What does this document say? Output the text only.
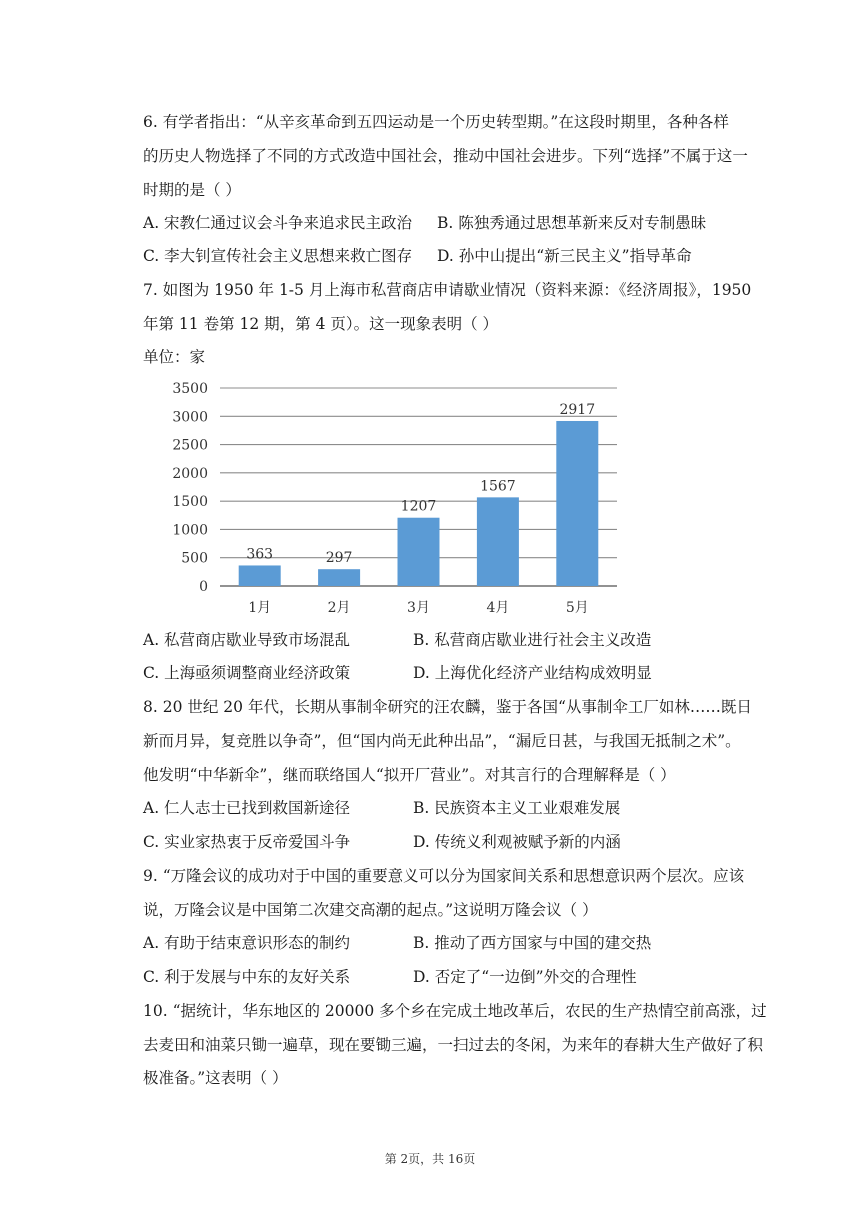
6. 有学者指出：“从辛亥革命到五四运动是一个历史转型期。”在这段时期里，各种各样
的历史人物选择了不同的方式改造中国社会，推动中国社会进步。下列“选择”不属于这一
时期的是（ ）
A. 宋教仁通过议会斗争来追求民主政治 B. 陈独秀通过思想革新来反对专制愚昧
C. 李大钊宣传社会主义思想来救亡图存 D. 孙中山提出“新三民主义”指导革命
7. 如图为 1950 年 1-5 月上海市私营商店申请歇业情况（资料来源：《经济周报》，1950
年第 11 卷第 12 期，第 4 页）。这一现象表明（ ）
单位：家
0
500
1000
1500
2000
2500
3000
3500
363
1月
297
2月
1207
3月
1567
4月
2917
5月
A. 私营商店歇业导致市场混乱	B. 私营商店歇业进行社会主义改造
C. 上海亟须调整商业经济政策	D. 上海优化经济产业结构成效明显
8. 20 世纪 20 年代，长期从事制伞研究的汪农麟，鉴于各国“从事制伞工厂如林……既日
新而月异，复竞胜以争奇”，但“国内尚无此种出品”，“漏卮日甚，与我国无抵制之术”。
他发明“中华新伞”，继而联络国人“拟开厂营业”。对其言行的合理解释是（ ）
A. 仁人志士已找到救国新途径	B. 民族资本主义工业艰难发展
C. 实业家热衷于反帝爱国斗争	D. 传统义利观被赋予新的内涵
9. “万隆会议的成功对于中国的重要意义可以分为国家间关系和思想意识两个层次。应该
说，万隆会议是中国第二次建交高潮的起点。”这说明万隆会议（ ）
A. 有助于结束意识形态的制约	B. 推动了西方国家与中国的建交热
C. 利于发展与中东的友好关系	D. 否定了“一边倒”外交的合理性
10. “据统计，华东地区的 20000 多个乡在完成土地改革后，农民的生产热情空前高涨，过
去麦田和油菜只锄一遍草，现在要锄三遍，一扫过去的冬闲，为来年的春耕大生产做好了积
极准备。”这表明（ ）
第 2页，共 16页
